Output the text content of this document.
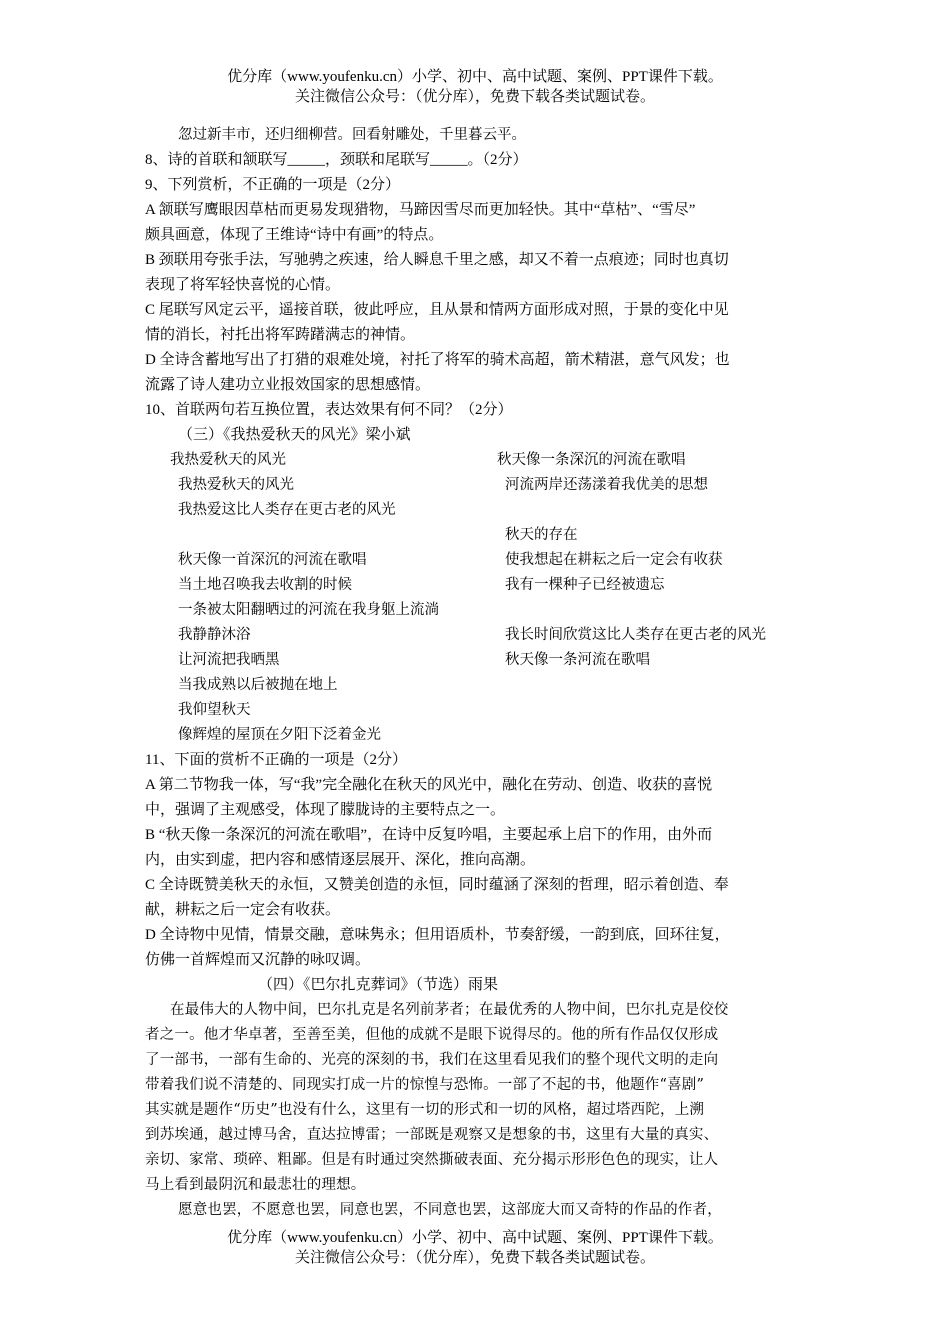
优分库（www.youfenku.cn）小学、初中、高中试题、案例、PPT课件下载。
关注微信公众号：（优分库），免费下载各类试题试卷。
忽过新丰市，还归细柳营。回看射雕处，千里暮云平。
8、诗的首联和颔联写_____，颈联和尾联写_____。（2分）
9、下列赏析，不正确的一项是（2分）
A 颔联写鹰眼因草枯而更易发现猎物，马蹄因雪尽而更加轻快。其中“草枯”、“雪尽”
颇具画意，体现了王维诗“诗中有画”的特点。
B 颈联用夸张手法，写驰骋之疾速，给人瞬息千里之感，却又不着一点痕迹；同时也真切
表现了将军轻快喜悦的心情。
C 尾联写风定云平，遥接首联，彼此呼应，且从景和情两方面形成对照，于景的变化中见
情的消长，衬托出将军踌躇满志的神情。
D 全诗含蓄地写出了打猎的艰难处境，衬托了将军的骑术高超，箭术精湛，意气风发；也
流露了诗人建功立业报效国家的思想感情。
10、首联两句若互换位置，表达效果有何不同？（2分）
（三）《我热爱秋天的风光》梁小斌
我热爱秋天的风光
我热爱秋天的风光
我热爱这比人类存在更古老的风光
秋天像一首深沉的河流在歌唱
当土地召唤我去收割的时候
一条被太阳翻晒过的河流在我身躯上流淌
我静静沐浴
让河流把我晒黑
当我成熟以后被抛在地上
我仰望秋天
像辉煌的屋顶在夕阳下泛着金光
秋天像一条深沉的河流在歌唱
河流两岸还荡漾着我优美的思想
秋天的存在
使我想起在耕耘之后一定会有收获
我有一棵种子已经被遗忘
我长时间欣赏这比人类存在更古老的风光
秋天像一条河流在歌唱
11、下面的赏析不正确的一项是（2分）
A 第二节物我一体，写“我”完全融化在秋天的风光中，融化在劳动、创造、收获的喜悦
中，强调了主观感受，体现了朦胧诗的主要特点之一。
B “秋天像一条深沉的河流在歌唱”，在诗中反复吟唱，主要起承上启下的作用，由外而
内，由实到虚，把内容和感情逐层展开、深化，推向高潮。
C 全诗既赞美秋天的永恒，又赞美创造的永恒，同时蕴涵了深刻的哲理，昭示着创造、奉
献，耕耘之后一定会有收获。
D 全诗物中见情，情景交融，意味隽永；但用语质朴，节奏舒缓，一韵到底，回环往复，
仿佛一首辉煌而又沉静的咏叹调。
（四）《巴尔扎克葬词》（节选）雨果
在最伟大的人物中间，巴尔扎克是名列前茅者；在最优秀的人物中间，巴尔扎克是佼佼
者之一。他才华卓著，至善至美，但他的成就不是眼下说得尽的。他的所有作品仅仅形成
了一部书，一部有生命的、光亮的深刻的书，我们在这里看见我们的整个现代文明的走向
带着我们说不清楚的、同现实打成一片的惊惶与恐怖。一部了不起的书，他题作“喜剧”
其实就是题作“历史”也没有什么，这里有一切的形式和一切的风格，超过塔西陀，上溯
到苏埃通，越过博马舍，直达拉博雷；一部既是观察又是想象的书，这里有大量的真实、
亲切、家常、琐碎、粗鄙。但是有时通过突然撕破表面、充分揭示形形色色的现实，让人
马上看到最阴沉和最悲壮的理想。
愿意也罢，不愿意也罢，同意也罢，不同意也罢，这部庞大而又奇特的作品的作者，
优分库（www.youfenku.cn）小学、初中、高中试题、案例、PPT课件下载。
关注微信公众号：（优分库），免费下载各类试题试卷。
